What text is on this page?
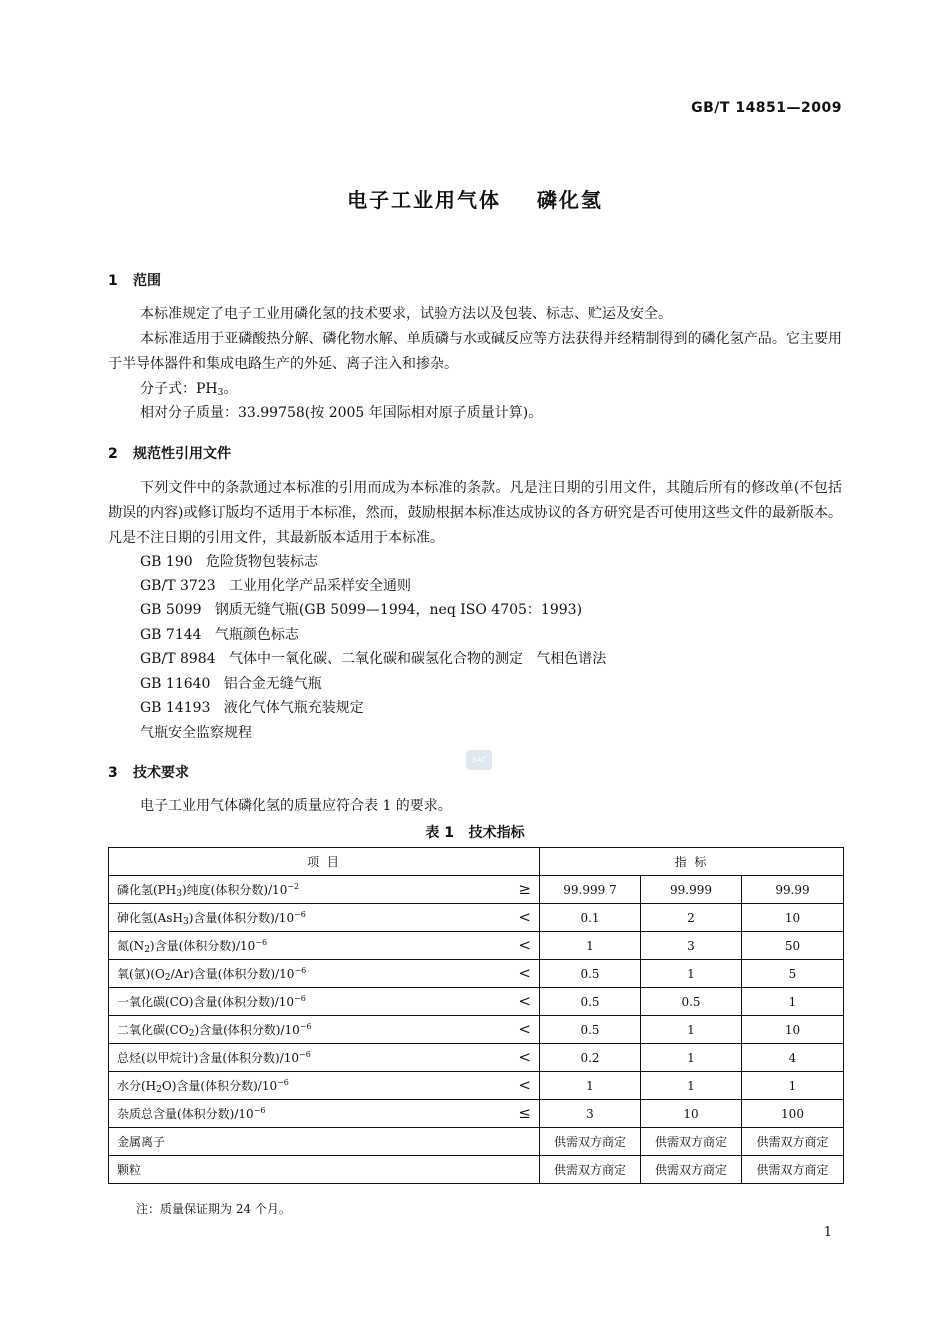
GB/T 14851—2009
电子工业用气体    磷化氢
1 范围
本标准规定了电子工业用磷化氢的技术要求，试验方法以及包装、标志、贮运及安全。
本标准适用于亚磷酸热分解、磷化物水解、单质磷与水或碱反应等方法获得并经精制得到的磷化氢产品。它主要用于半导体器件和集成电路生产的外延、离子注入和掺杂。
分子式：$PH_3$。
相对分子质量：33.99758(按 2005 年国际相对原子质量计算)。
2 规范性引用文件
下列文件中的条款通过本标准的引用而成为本标准的条款。凡是注日期的引用文件，其随后所有的修改单(不包括勘误的内容)或修订版均不适用于本标准，然而，鼓励根据本标准达成协议的各方研究是否可使用这些文件的最新版本。凡是不注日期的引用文件，其最新版本适用于本标准。
GB 190   危险货物包装标志
GB/T 3723   工业用化学产品采样安全通则
GB 5099   钢质无缝气瓶(GB 5099—1994，neq ISO 4705：1993)
GB 7144   气瓶颜色标志
GB/T 8984   气体中一氧化碳、二氧化碳和碳氢化合物的测定   气相色谱法
GB 11640   铝合金无缝气瓶
GB 14193   液化气体气瓶充装规定
气瓶安全监察规程
SAC
3 技术要求
电子工业用气体磷化氢的质量应符合表 1 的要求。
表 1   技术指标
项 目	指 标		
磷化氢$(PH_3)$纯度(体积分数)$/10^{-2}$ ≥	99.999 7	99.999	99.99
砷化氢(AsH$_3$)含量(体积分数)$/10^{-6}$ <	0.1	2	10
氮$(N_2)$含量(体积分数)$/10^{-6}$ <	1	3	50
氧(氩)$(O_2/Ar)$含量(体积分数)$/10^{-6}$ <	0.5	1	5
一氧化碳(CO)含量(体积分数)$/10^{-6}$ <	0.5	0.5	1
二氧化碳$(CO_2)$含量(体积分数)$/10^{-6}$ <	0.5	1	10
总烃(以甲烷计)含量(体积分数)$/10^{-6}$ <	0.2	1	4
水分$(H_2O)$含量(体积分数)$/10^{-6}$ <	1	1	1
杂质总含量(体积分数)$/10^{-6}$ ≤	3	10	100
金属离子	供需双方商定	供需双方商定	供需双方商定
颗粒	供需双方商定	供需双方商定	供需双方商定
注：质量保证期为 24 个月。
1
